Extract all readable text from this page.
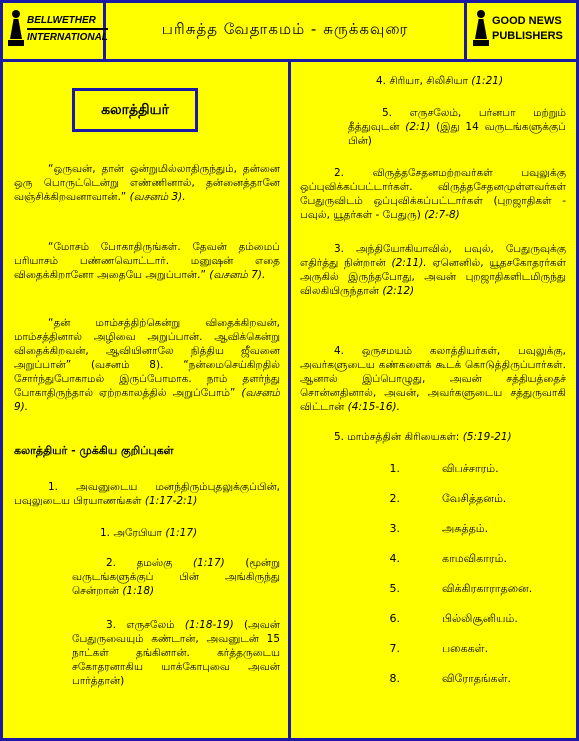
BELLWETHER
INTERNATIONAL	பரிசுத்த வேதாகமம் - சுருக்கவுரை	GOOD NEWS
PUBLISHERS
கலாத்தியர்
“ஒருவன், தான் ஒன்றுமில்லாதிருந்தும், தன்னை ஒரு பொருட்டென்று எண்ணினால், தன்னைத்தானே வஞ்சிக்கிறவனாவான்.” (வசனம் 3).
“மோசம் போகாதிருங்கள். தேவன் தம்மைப் பரியாசம் பண்ணவொட்டார். மனுஷன் எதை விதைக்கிறானோ அதையே அறுப்பான்.” (வசனம் 7).
“தன் மாம்சத்திற்கென்று விதைக்கிறவன், மாம்சத்தினால் அழிவை அறுப்பான். ஆவிக்கென்று விதைக்கிறவன், ஆவியினாலே நித்திய ஜீவனை அறுப்பான்” (வசனம் 8). “நன்மைசெய்கிறதில் சோர்ந்துபோகாமல் இருப்போமாக. நாம் தளர்ந்து போகாதிருந்தால் ஏற்றகாலத்தில் அறுப்போம்” (வசனம் 9).
கலாத்தியர் - முக்கிய குறிப்புகள்
1. அவனுடைய மனந்திரும்புதலுக்குப்பின், பவுலுடைய பிரயாணங்கள் (1:17-2:1)
1. அரேபியா (1:17)
2. தமஸ்கு (1:17) (மூன்று வருடங்களுக்குப் பின் அங்கிருந்து சென்றான் (1:18)
3. எருசலேம் (1:18-19) (அவன் பேதுருவையும் கண்டான், அவனுடன் 15 நாட்கள் தங்கினான். கர்த்தருடைய சகோதரனாகிய யாக்கோபுவை அவன் பார்த்தான்)
4. சிரியா, சிலிசியா (1:21)
5. எருசலேம், பர்னபா மற்றும் தீத்துவுடன் (2:1) (இது 14 வருடங்களுக்குப் பின்)
2. விருத்தசேதனமற்றவர்கள் பவுலுக்கு ஒப்புவிக்கப்பட்டார்கள். விருத்தசேதனமுள்ளவர்கள் பேதுருவிடம் ஒப்புவிக்கப்பட்டார்கள் (புறஜாதிகள் - பவுல், யூதர்கள் - பேதுரு) (2:7-8)
3. அந்தியோகியாவில், பவுல், பேதுருவுக்கு எதிர்த்து நின்றான் (2:11). ஏனெனில், யூதசகோதரர்கள் அருகில் இருந்தபோது, அவன் புறஜாதிகளிடமிருந்து விலகியிருந்தான் (2:12)
4. ஒருசமயம் கலாத்தியர்கள், பவுலுக்கு, அவர்களுடைய கண்களைக் கூடக் கொடுத்திருப்பார்கள். ஆனால் இப்பொழுது, அவன் சத்தியத்தைச் சொன்னதினால், அவன், அவர்களுடைய சத்துருவாகி விட்டான் (4:15-16).
5. மாம்சத்தின் கிரியைகள்: (5:19-21)
1.	விபச்சாரம்.
2.	வேசித்தனம்.
3.	அசுத்தம்.
4.	காமவிகாரம்.
5.	விக்கிரகாராதனை.
6.	பில்லிசூனியம்.
7.	பகைகள்.
8.	விரோதங்கள்.
